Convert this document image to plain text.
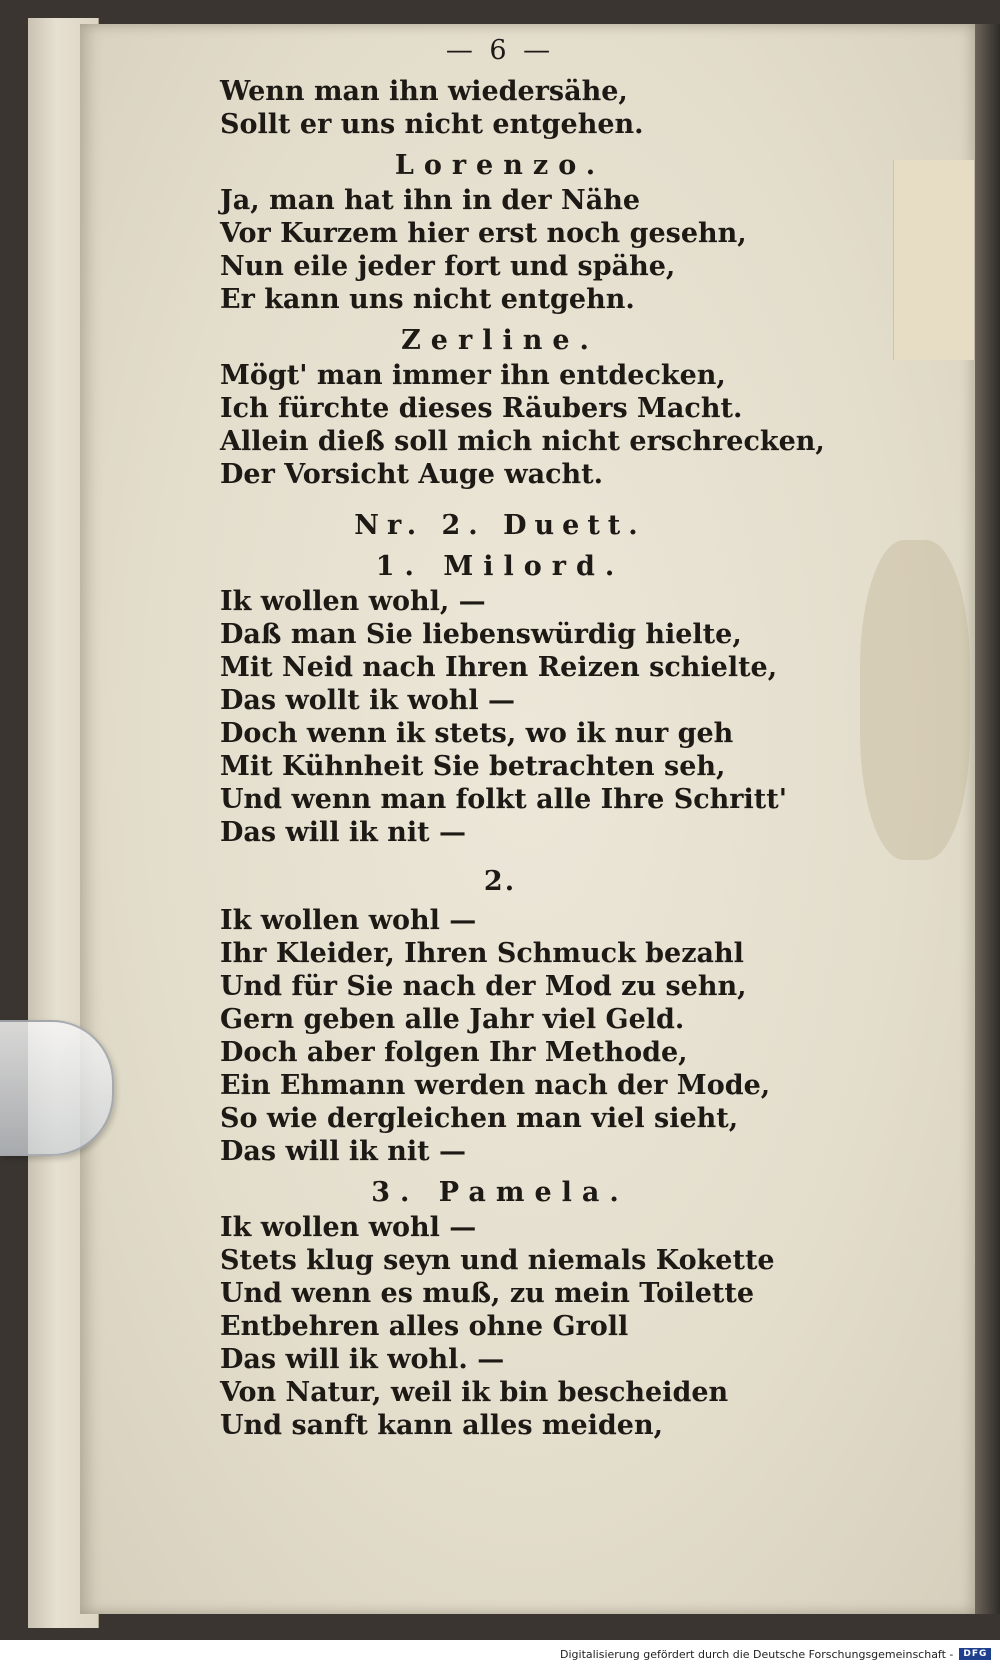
— 6 —
Wenn man ihn wiedersähe,
Sollt er uns nicht entgehen.
Lorenzo.
Ja, man hat ihn in der Nähe
Vor Kurzem hier erst noch gesehn,
Nun eile jeder fort und spähe,
Er kann uns nicht entgehn.
Zerline.
Mögt' man immer ihn entdecken,
Ich fürchte dieses Räubers Macht.
Allein dieß soll mich nicht erschrecken,
Der Vorsicht Auge wacht.
Nr. 2. Duett.
1. Milord.
Ik wollen wohl, —
Daß man Sie liebenswürdig hielte,
Mit Neid nach Ihren Reizen schielte,
Das wollt ik wohl —
Doch wenn ik stets, wo ik nur geh
Mit Kühnheit Sie betrachten seh,
Und wenn man folkt alle Ihre Schritt'
Das will ik nit —
2.
Ik wollen wohl —
Ihr Kleider, Ihren Schmuck bezahl
Und für Sie nach der Mod zu sehn,
Gern geben alle Jahr viel Geld.
Doch aber folgen Ihr Methode,
Ein Ehmann werden nach der Mode,
So wie dergleichen man viel sieht,
Das will ik nit —
3. Pamela.
Ik wollen wohl —
Stets klug seyn und niemals Kokette
Und wenn es muß, zu mein Toilette
Entbehren alles ohne Groll
Das will ik wohl. —
Von Natur, weil ik bin bescheiden
Und sanft kann alles meiden,
Digitalisierung gefördert durch die Deutsche Forschungsgemeinschaft -	DFG
